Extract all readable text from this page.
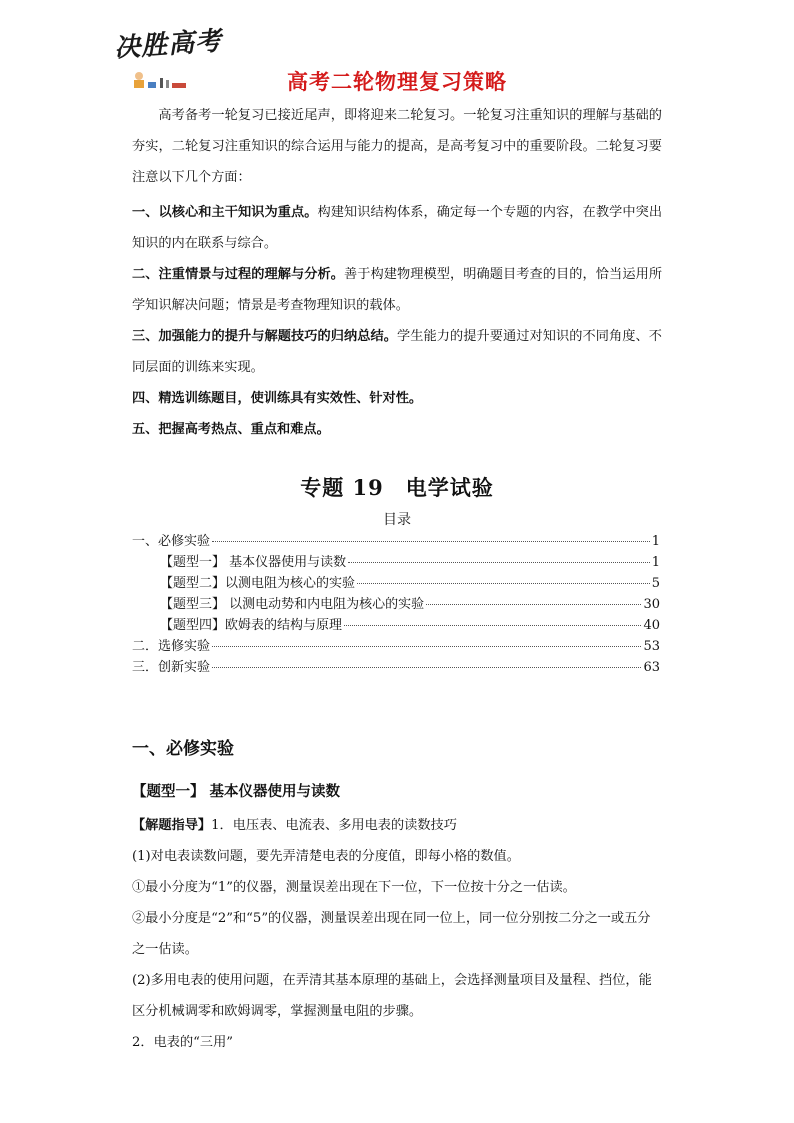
决胜高考
高考二轮物理复习策略

高考备考一轮复习已接近尾声，即将迎来二轮复习。一轮复习注重知识的理解与基础的夯实，二轮复习注重知识的综合运用与能力的提高，是高考复习中的重要阶段。二轮复习要注意以下几个方面：

一、以核心和主干知识为重点。构建知识结构体系，确定每一个专题的内容，在教学中突出知识的内在联系与综合。

二、注重情景与过程的理解与分析。善于构建物理模型，明确题目考查的目的，恰当运用所学知识解决问题；情景是考查物理知识的载体。

三、加强能力的提升与解题技巧的归纳总结。学生能力的提升要通过对知识的不同角度、不同层面的训练来实现。

四、精选训练题目，使训练具有实效性、针对性。

五、把握高考热点、重点和难点。

专题 19　电学试验
目录
一、必修实验	1
【题型一】 基本仪器使用与读数	1
【题型二】以测电阻为核心的实验	5
【题型三】 以测电动势和内电阻为核心的实验	30
【题型四】欧姆表的结构与原理	40
二．选修实验	53
三．创新实验	63
一、必修实验
【题型一】 基本仪器使用与读数
【解题指导】1．电压表、电流表、多用电表的读数技巧
(1)对电表读数问题，要先弄清楚电表的分度值，即每小格的数值。
①最小分度为“1”的仪器，测量误差出现在下一位，下一位按十分之一估读。
②最小分度是“2”和“5”的仪器，测量误差出现在同一位上，同一位分别按二分之一或五分之一估读。
(2)多用电表的使用问题，在弄清其基本原理的基础上，会选择测量项目及量程、挡位，能区分机械调零和欧姆调零，掌握测量电阻的步骤。
2．电表的“三用”
